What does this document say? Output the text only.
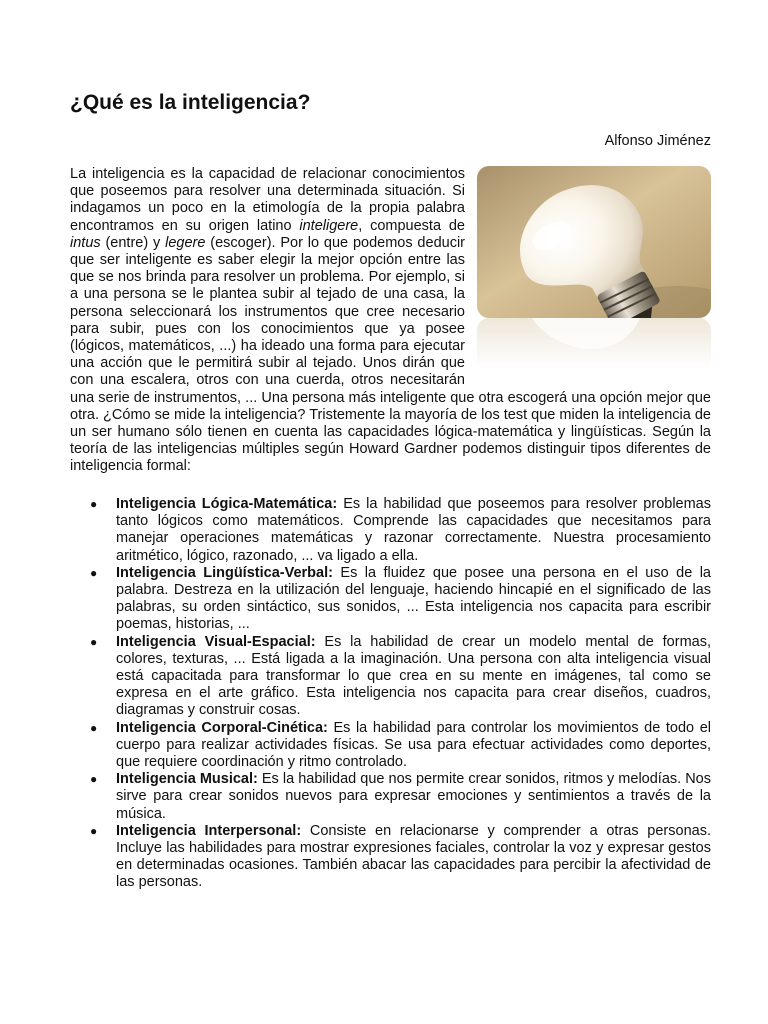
¿Qué es la inteligencia?
Alfonso Jiménez

La inteligencia es la capacidad de relacionar conocimientos que poseemos para resolver una determinada situación. Si indagamos un poco en la etimología de la propia palabra encontramos en su origen latino inteligere, compuesta de intus (entre) y legere (escoger). Por lo que podemos deducir que ser inteligente es saber elegir la mejor opción entre las que se nos brinda para resolver un problema. Por ejemplo, si a una persona se le plantea subir al tejado de una casa, la persona seleccionará los instrumentos que cree necesario para subir, pues con los conocimientos que ya posee (lógicos, matemáticos, ...) ha ideado una forma para ejecutar una acción que le permitirá subir al tejado. Unos dirán que con una escalera, otros con una cuerda, otros necesitarán una serie de instrumentos, ... Una persona más inteligente que otra escogerá una opción mejor que otra. ¿Cómo se mide la inteligencia? Tristemente la mayoría de los test que miden la inteligencia de un ser humano sólo tienen en cuenta las capacidades lógica-matemática y lingüísticas. Según la teoría de las inteligencias múltiples según Howard Gardner podemos distinguir tipos diferentes de inteligencia formal:

● Inteligencia Lógica-Matemática: Es la habilidad que poseemos para resolver problemas tanto lógicos como matemáticos. Comprende las capacidades que necesitamos para manejar operaciones matemáticas y razonar correctamente. Nuestra procesamiento aritmético, lógico, razonado, ... va ligado a ella.
● Inteligencia Lingüística-Verbal: Es la fluidez que posee una persona en el uso de la palabra. Destreza en la utilización del lenguaje, haciendo hincapié en el significado de las palabras, su orden sintáctico, sus sonidos, ... Esta inteligencia nos capacita para escribir poemas, historias, ...
● Inteligencia Visual-Espacial: Es la habilidad de crear un modelo mental de formas, colores, texturas, ... Está ligada a la imaginación. Una persona con alta inteligencia visual está capacitada para transformar lo que crea en su mente en imágenes, tal como se expresa en el arte gráfico. Esta inteligencia nos capacita para crear diseños, cuadros, diagramas y construir cosas.
● Inteligencia Corporal-Cinética: Es la habilidad para controlar los movimientos de todo el cuerpo para realizar actividades físicas. Se usa para efectuar actividades como deportes, que requiere coordinación y ritmo controlado.
● Inteligencia Musical: Es la habilidad que nos permite crear sonidos, ritmos y melodías. Nos sirve para crear sonidos nuevos para expresar emociones y sentimientos a través de la música.
● Inteligencia Interpersonal: Consiste en relacionarse y comprender a otras personas. Incluye las habilidades para mostrar expresiones faciales, controlar la voz y expresar gestos en determinadas ocasiones. También abacar las capacidades para percibir la afectividad de las personas.
